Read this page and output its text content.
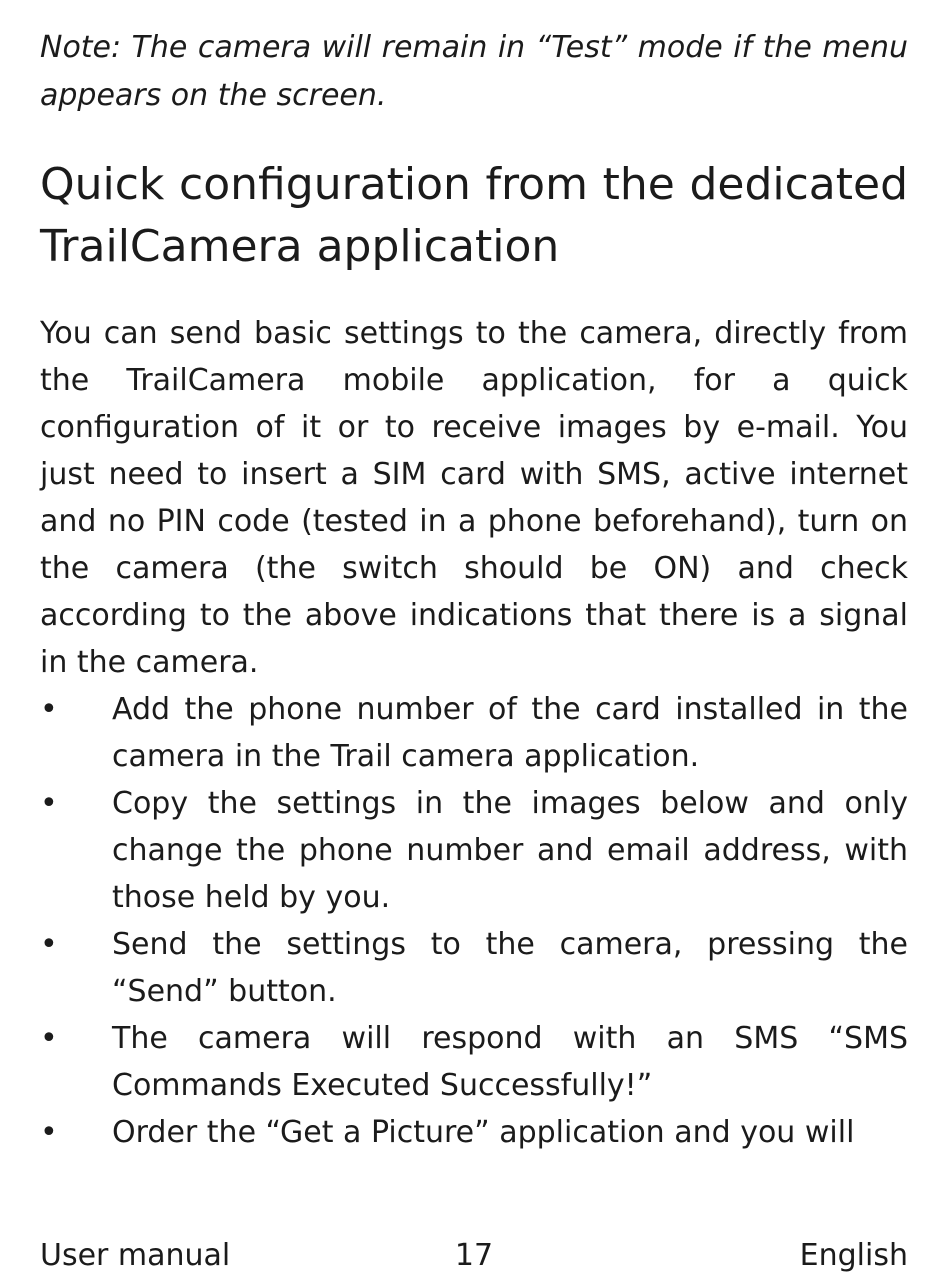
Note: The camera will remain in “Test” mode if the menu appears on the screen.

Quick configuration from the dedicated TrailCamera application

You can send basic settings to the camera, directly from the TrailCamera mobile application, for a quick configuration of it or to receive images by e-mail. You just need to insert a SIM card with SMS, active internet and no PIN code (tested in a phone beforehand), turn on the camera (the switch should be ON) and check according to the above indications that there is a signal in the camera.

• Add the phone number of the card installed in the camera in the Trail camera application.
• Copy the settings in the images below and only change the phone number and email address, with those held by you.
• Send the settings to the camera, pressing the “Send” button.
• The camera will respond with an SMS “SMS Commands Executed Successfully!”
• Order the “Get a Picture” application and you will
User manual	17	English
